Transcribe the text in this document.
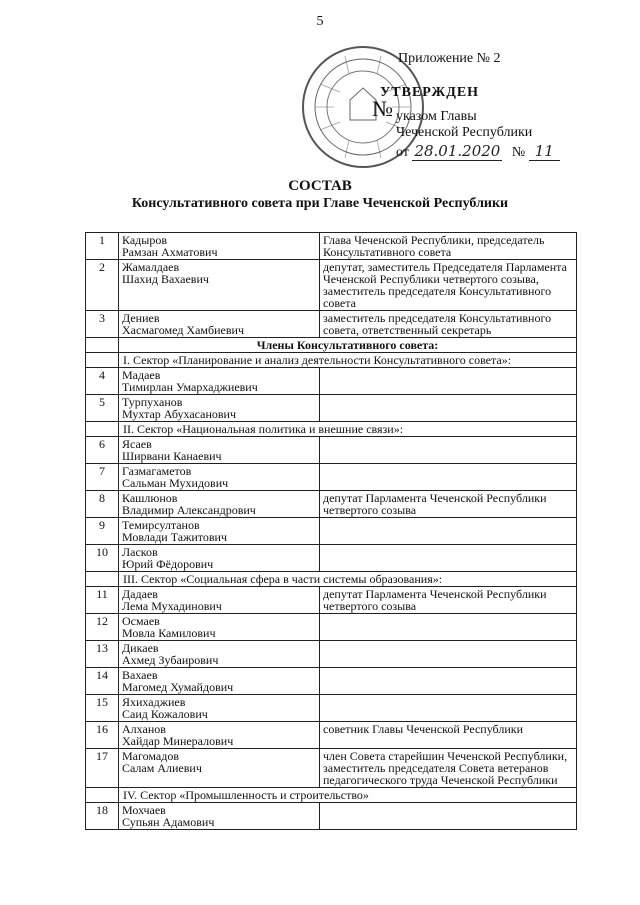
5
Приложение № 2
УТВЕРЖДЕН
№ указом Главы
Чеченской Республики
от 28.01.2020 № 11
СОСТАВ
Консультативного совета при Главе Чеченской Республики
1	Кадыров
Рамзан Ахматович	Глава Чеченской Республики, председатель Консультативного совета
2	Жамалдаев
Шахид Вахаевич	депутат, заместитель Председателя Парламента Чеченской Республики четвертого созыва, заместитель председателя Консультативного совета
3	Дениев
Хасмагомед Хамбиевич	заместитель председателя Консультативного совета, ответственный секретарь
	Члены Консультативного совета:	
	I. Сектор «Планирование и анализ деятельности Консультативного совета»:	
4	Мадаев
Тимирлан Умархаджиевич	

5	Турпуханов
Мухтар Абухасанович	

	II. Сектор «Национальная политика и внешние связи»:	
6	Ясаев
Ширвани Канаевич	

7	Газмагаметов
Сальман Мухидович	

8	Кашлюнов
Владимир Александрович	депутат Парламента Чеченской Республики четвертого созыва
9	Темирсултанов
Мовлади Тажитович	

10	Ласков
Юрий Фёдорович	

	III. Сектор «Социальная сфера в части системы образования»:	
11	Дадаев
Лема Мухадинович	депутат Парламента Чеченской Республики четвертого созыва
12	Осмаев
Мовла Камилович	

13	Дикаев
Ахмед Зубаирович	

14	Вахаев
Магомед Хумайдович	

15	Яхихаджиев
Саид Кожалович	

16	Алханов
Хайдар Минералович	советник Главы Чеченской Республики
17	Магомадов
Салам Алиевич	член Совета старейшин Чеченской Республики, заместитель председателя Совета ветеранов педагогического труда Чеченской Республики
	IV. Сектор «Промышленность и строительство»	
18	Мохчаев
Супьян Адамович	
